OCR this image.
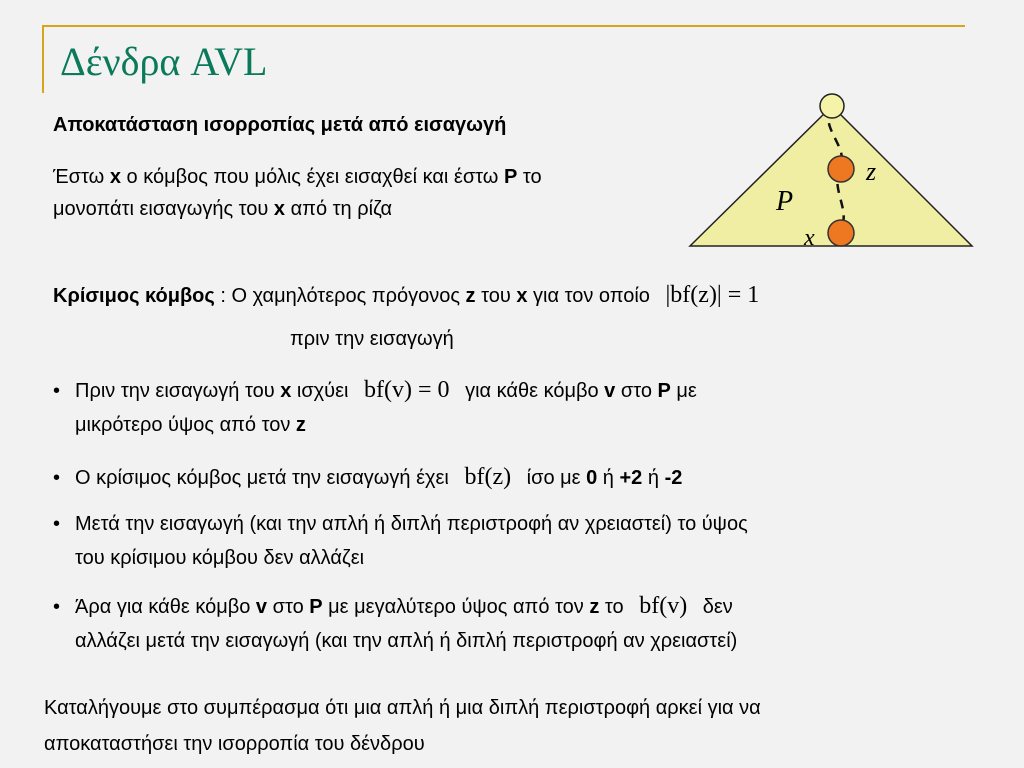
Δένδρα AVL
Αποκατάσταση ισορροπίας μετά από εισαγωγή
Έστω x ο κόμβος που μόλις έχει εισαχθεί και έστω P το
μονοπάτι εισαγωγής του x από τη ρίζα
z
P
x
Κρίσιμος κόμβος : Ο χαμηλότερος πρόγονος z του x για τον οποίο |bf(z)| = 1
πριν την εισαγωγή
• Πριν την εισαγωγή του x ισχύει bf(v) = 0 για κάθε κόμβο v στο P με
μικρότερο ύψος από τον z
• Ο κρίσιμος κόμβος μετά την εισαγωγή έχει bf(z) ίσο με 0 ή +2 ή -2
• Μετά την εισαγωγή (και την απλή ή διπλή περιστροφή αν χρειαστεί) το ύψος
του κρίσιμου κόμβου δεν αλλάζει
• Άρα για κάθε κόμβο v στο P με μεγαλύτερο ύψος από τον z το bf(v) δεν
αλλάζει μετά την εισαγωγή (και την απλή ή διπλή περιστροφή αν χρειαστεί)
Καταλήγουμε στο συμπέρασμα ότι μια απλή ή μια διπλή περιστροφή αρκεί για να
αποκαταστήσει την ισορροπία του δένδρου
